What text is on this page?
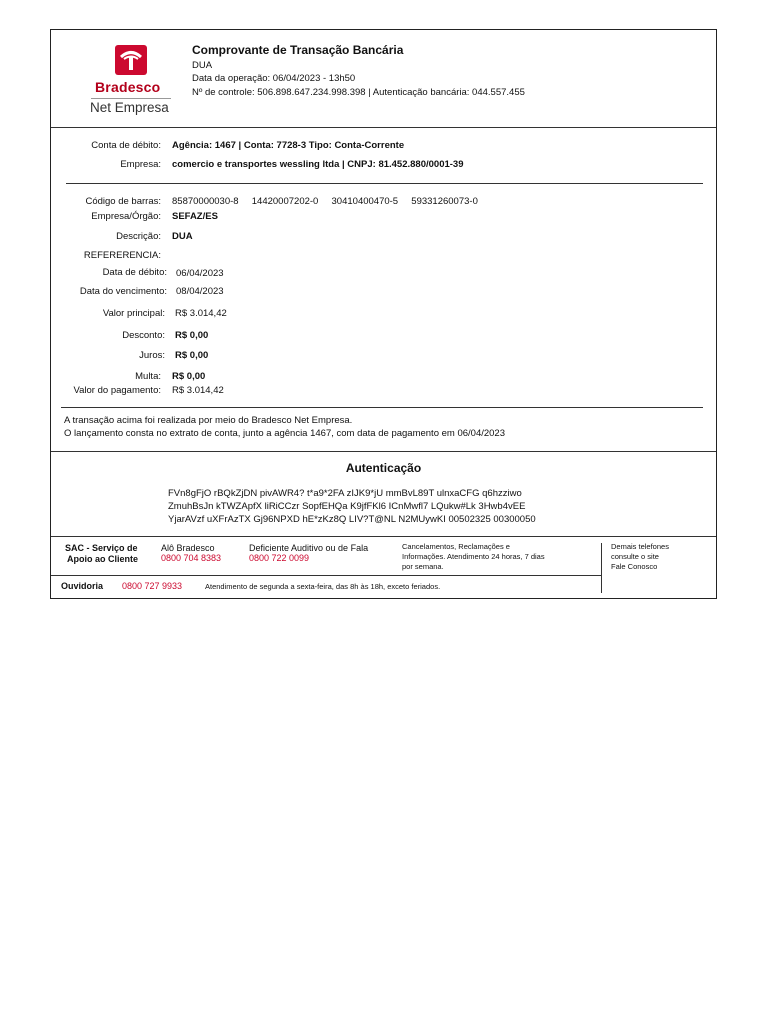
Bradesco
Net Empresa
Comprovante de Transação Bancária
DUA
Data da operação: 06/04/2023 - 13h50
Nº de controle: 506.898.647.234.998.398 | Autenticação bancária: 044.557.455
Conta de débito: Agência: 1467 | Conta: 7728-3 Tipo: Conta-Corrente
Empresa: comercio e transportes wessling ltda | CNPJ: 81.452.880/0001-39
Código de barras: 85870000030-8     14420007202-0     30410400470-5     59331260073-0
Empresa/Órgão: SEFAZ/ES
Descrição: DUA
REFERERENCIA:
Data de débito: 06/04/2023
Data do vencimento: 08/04/2023
Valor principal: R$ 3.014,42
Desconto: R$ 0,00
Juros: R$ 0,00
Multa: R$ 0,00
Valor do pagamento: R$ 3.014,42
A transação acima foi realizada por meio do Bradesco Net Empresa.
O lançamento consta no extrato de conta, junto a agência 1467, com data de pagamento em 06/04/2023
Autenticação
FVn8gFjO rBQkZjDN pivAWR4? t*a9*2FA zIJK9*jU mmBvL89T ulnxaCFG q6hzziwo
ZmuhBsJn kTWZApfX liRiCCzr SopfEHQa K9jfFKl6 ICnMwfl7 LQukw#Lk 3Hwb4vEE
YjarAVzf uXFrAzTX Gj96NPXD hE*zKz8Q LIV?T@NL N2MUywKI 00502325 00300050
SAC - Serviço de
Apoio ao Cliente
Alô Bradesco
0800 704 8383
Deficiente Auditivo ou de Fala
0800 722 0099
Cancelamentos, Reclamações e
Informações. Atendimento 24 horas, 7 dias
por semana.
Demais telefones
consulte o site
Fale Conosco
Ouvidoria 0800 727 9933	Atendimento de segunda a sexta-feira, das 8h às 18h, exceto feriados.
